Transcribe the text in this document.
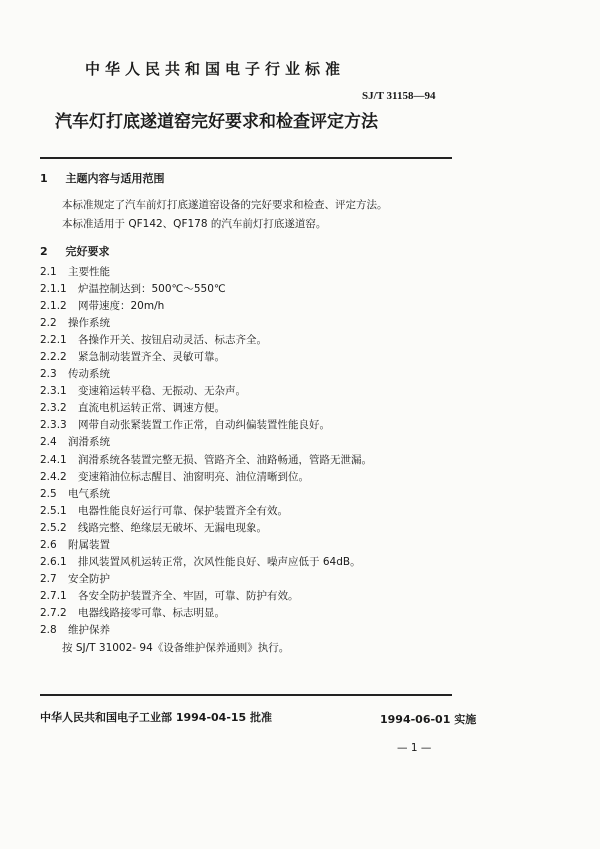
中华人民共和国电子行业标准
SJ/T 31158—94
汽车灯打底遂道窑完好要求和检查评定方法
1 主题内容与适用范围
本标准规定了汽车前灯打底遂道窑设备的完好要求和检查、评定方法。
本标准适用于 QF142、QF178 的汽车前灯打底遂道窑。
2 完好要求
2.1 主要性能
2.1.1 炉温控制达到：500℃～550℃
2.1.2 网带速度：20m/h
2.2 操作系统
2.2.1 各操作开关、按钮启动灵活、标志齐全。
2.2.2 紧急制动装置齐全、灵敏可靠。
2.3 传动系统
2.3.1 变速箱运转平稳、无振动、无杂声。
2.3.2 直流电机运转正常、调速方便。
2.3.3 网带自动张紧装置工作正常，自动纠偏装置性能良好。
2.4 润滑系统
2.4.1 润滑系统各装置完整无损、管路齐全、油路畅通，管路无泄漏。
2.4.2 变速箱油位标志醒目、油窗明亮、油位清晰到位。
2.5 电气系统
2.5.1 电器性能良好运行可靠、保护装置齐全有效。
2.5.2 线路完整、绝缘层无破坏、无漏电现象。
2.6 附属装置
2.6.1 排风装置风机运转正常，次风性能良好、噪声应低于 64dB。
2.7 安全防护
2.7.1 各安全防护装置齐全、牢固，可靠、防护有效。
2.7.2 电器线路接零可靠、标志明显。
2.8 维护保养
按 SJ/T 31002- 94《设备维护保养通则》执行。
中华人民共和国电子工业部 1994-04-15 批准	1994-06-01 实施
— 1 —
